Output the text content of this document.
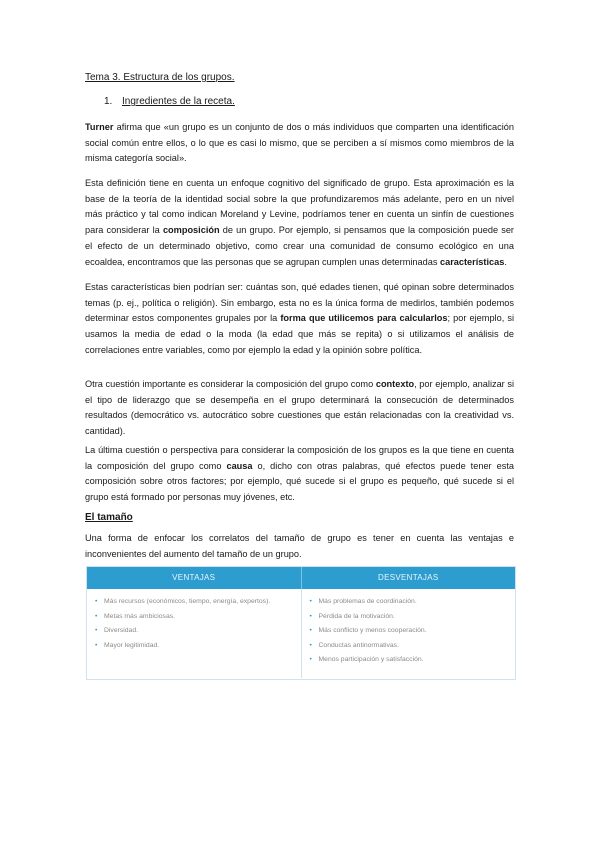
Tema 3. Estructura de los grupos.
1. Ingredientes de la receta.

Turner afirma que «un grupo es un conjunto de dos o más individuos que comparten una identificación social común entre ellos, o lo que es casi lo mismo, que se perciben a sí mismos como miembros de la misma categoría social».

Esta definición tiene en cuenta un enfoque cognitivo del significado de grupo. Esta aproximación es la base de la teoría de la identidad social sobre la que profundizaremos más adelante, pero en un nivel más práctico y tal como indican Moreland y Levine, podríamos tener en cuenta un sinfín de cuestiones para considerar la composición de un grupo. Por ejemplo, si pensamos que la composición puede ser el efecto de un determinado objetivo, como crear una comunidad de consumo ecológico en una ecoaldea, encontramos que las personas que se agrupan cumplen unas determinadas características.

Estas características bien podrían ser: cuántas son, qué edades tienen, qué opinan sobre determinados temas (p. ej., política o religión). Sin embargo, esta no es la única forma de medirlos, también podemos determinar estos componentes grupales por la forma que utilicemos para calcularlos; por ejemplo, si usamos la media de edad o la moda (la edad que más se repita) o si utilizamos el análisis de correlaciones entre variables, como por ejemplo la edad y la opinión sobre política.

Otra cuestión importante es considerar la composición del grupo como contexto, por ejemplo, analizar si el tipo de liderazgo que se desempeña en el grupo determinará la consecución de determinados resultados (democrático vs. autocrático sobre cuestiones que están relacionadas con la creatividad vs. cantidad).

La última cuestión o perspectiva para considerar la composición de los grupos es la que tiene en cuenta la composición del grupo como causa o, dicho con otras palabras, qué efectos puede tener esta composición sobre otros factores; por ejemplo, qué sucede si el grupo es pequeño, qué sucede si el grupo está formado por personas muy jóvenes, etc.

El tamaño

Una forma de enfocar los correlatos del tamaño de grupo es tener en cuenta las ventajas e inconvenientes del aumento del tamaño de un grupo.

VENTAJAS	DESVENTAJAS
• Más recursos (económicos, tiempo, energía, expertos).
• Metas más ambiciosas.
• Diversidad.
• Mayor legitimidad.
• Más problemas de coordinación.
• Pérdida de la motivación.
• Más conflicto y menos cooperación.
• Conductas antinormativas.
• Menos participación y satisfacción.
